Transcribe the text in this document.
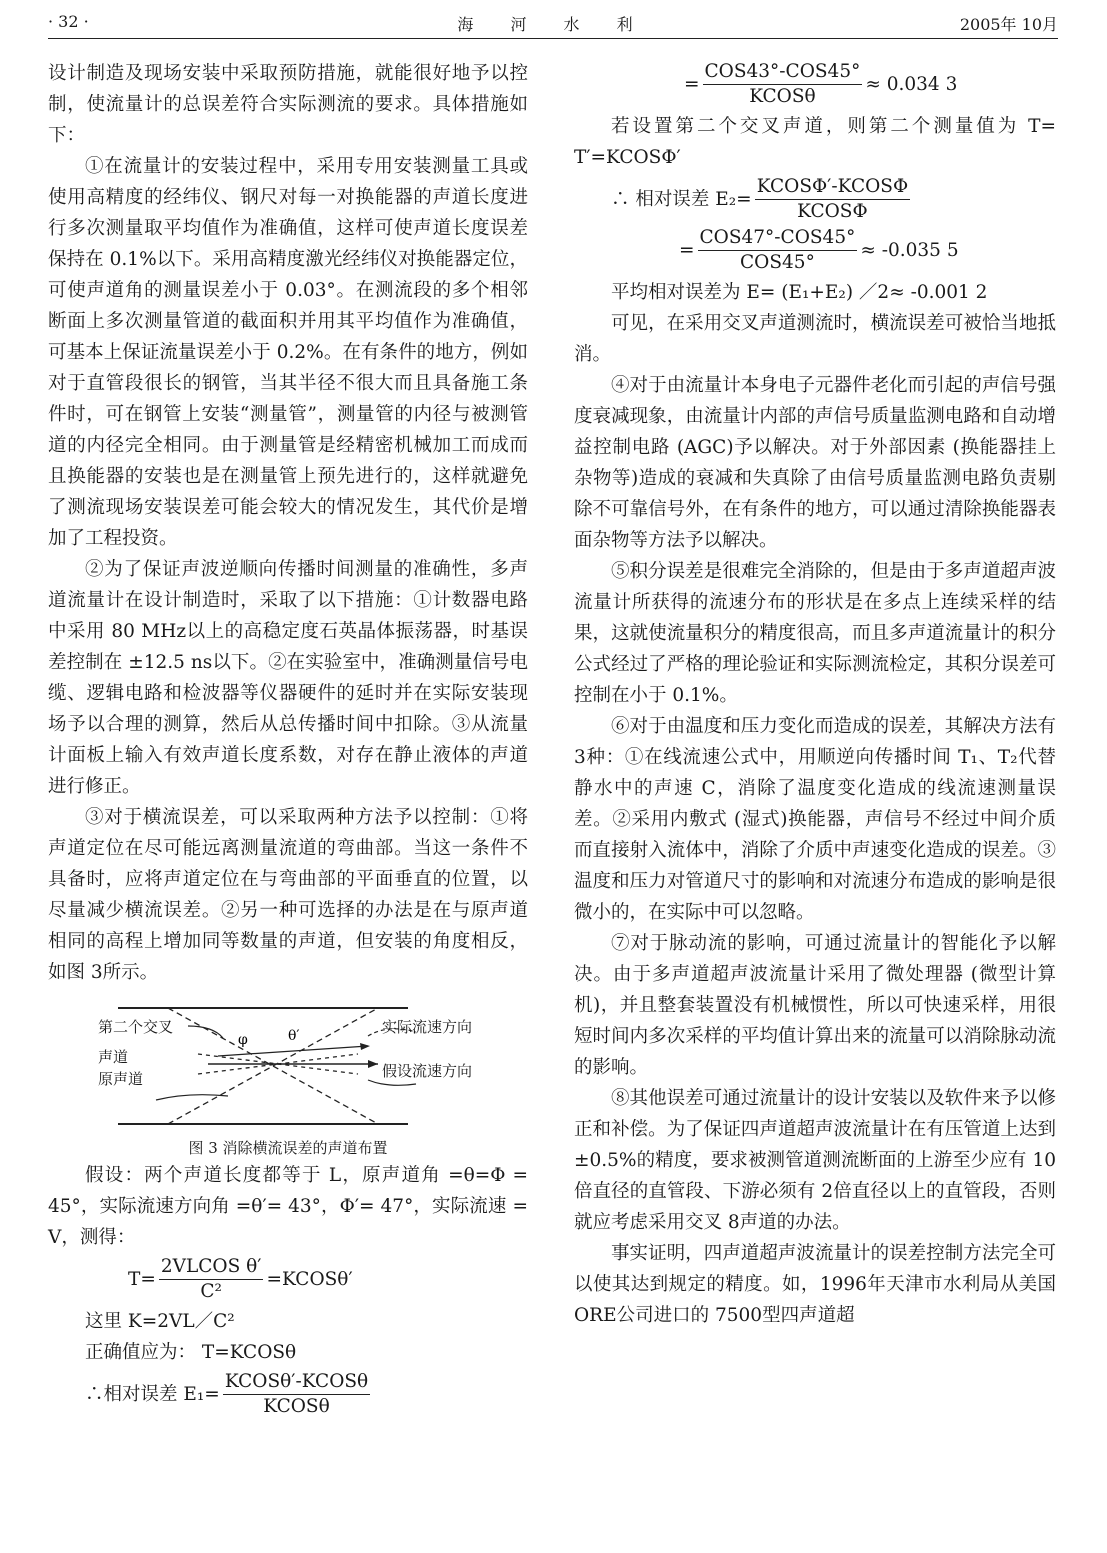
· 32 ·	海 河 水 利	2005年 10月

设计制造及现场安装中采取预防措施，就能很好地予以控制，使流量计的总误差符合实际测流的要求。具体措施如下：

①在流量计的安装过程中，采用专用安装测量工具或使用高精度的经纬仪、钢尺对每一对换能器的声道长度进行多次测量取平均值作为准确值，这样可使声道长度误差保持在 0.1%以下。采用高精度激光经纬仪对换能器定位，可使声道角的测量误差小于 0.03°。在测流段的多个相邻断面上多次测量管道的截面积并用其平均值作为准确值，可基本上保证流量误差小于 0.2%。在有条件的地方，例如对于直管段很长的钢管，当其半径不很大而且具备施工条件时，可在钢管上安装“测量管”，测量管的内径与被测管道的内径完全相同。由于测量管是经精密机械加工而成而且换能器的安装也是在测量管上预先进行的，这样就避免了测流现场安装误差可能会较大的情况发生，其代价是增加了工程投资。

②为了保证声波逆顺向传播时间测量的准确性，多声道流量计在设计制造时，采取了以下措施：①计数器电路中采用 80 MHz以上的高稳定度石英晶体振荡器，时基误差控制在 ±12.5 ns以下。②在实验室中，准确测量信号电缆、逻辑电路和检波器等仪器硬件的延时并在实际安装现场予以合理的测算，然后从总传播时间中扣除。③从流量计面板上输入有效声道长度系数，对存在静止液体的声道进行修正。

③对于横流误差，可以采取两种方法予以控制：①将声道定位在尽可能远离测量流道的弯曲部。当这一条件不具备时，应将声道定位在与弯曲部的平面垂直的位置，以尽量减少横流误差。②另一种可选择的办法是在与原声道相同的高程上增加同等数量的声道，但安装的角度相反，如图 3所示。

φ	θ′
第二个交叉
声道
原声道
实际流速方向
假设流速方向

图 3 消除横流误差的声道布置

假设：两个声道长度都等于 L，原声道角 =θ=Φ = 45°，实际流速方向角 =θ′= 43°，Φ′= 47°，实际流速 = V，测得：

$T= \frac{\text{2VLCOS θ′}}{\text{C²}}$ =KCOSθ′

这里 K=2VL／C²

正确值应为： T=KCOSθ

∴相对误差 $E_1= \frac{\text{KCOSθ′-KCOSθ}}{\text{KCOSθ}}$
= $\frac{\text{COS43°-COS45°}}{\text{KCOSθ}} \approx 0.034$ 3

若设置第二个交叉声道，则第二个测量值为 T= T′=KCOSΦ′

∴ 相对误差 $E_2= \frac{\text{KCOSΦ′-KCOSΦ}}{\text{KCOSΦ}}$
= $\frac{\text{COS47°-COS45°}}{\text{COS45°}} \approx -0.035$ 5

平均相对误差为 E= (E₁+E₂) ／2≈ -0.001 2

可见，在采用交叉声道测流时，横流误差可被恰当地抵消。

④对于由流量计本身电子元器件老化而引起的声信号强度衰减现象，由流量计内部的声信号质量监测电路和自动增益控制电路 (AGC)予以解决。对于外部因素 (换能器挂上杂物等)造成的衰减和失真除了由信号质量监测电路负责剔除不可靠信号外，在有条件的地方，可以通过清除换能器表面杂物等方法予以解决。

⑤积分误差是很难完全消除的，但是由于多声道超声波流量计所获得的流速分布的形状是在多点上连续采样的结果，这就使流量积分的精度很高，而且多声道流量计的积分公式经过了严格的理论验证和实际测流检定，其积分误差可控制在小于 0.1%。

⑥对于由温度和压力变化而造成的误差，其解决方法有 3种：①在线流速公式中，用顺逆向传播时间 T₁、T₂代替静水中的声速 C，消除了温度变化造成的线流速测量误差。②采用内敷式 (湿式)换能器，声信号不经过中间介质而直接射入流体中，消除了介质中声速变化造成的误差。③温度和压力对管道尺寸的影响和对流速分布造成的影响是很微小的，在实际中可以忽略。

⑦对于脉动流的影响，可通过流量计的智能化予以解决。由于多声道超声波流量计采用了微处理器 (微型计算机)，并且整套装置没有机械惯性，所以可快速采样，用很短时间内多次采样的平均值计算出来的流量可以消除脉动流的影响。

⑧其他误差可通过流量计的设计安装以及软件来予以修正和补偿。为了保证四声道超声波流量计在有压管道上达到 ±0.5%的精度，要求被测管道测流断面的上游至少应有 10倍直径的直管段、下游必须有 2倍直径以上的直管段，否则就应考虑采用交叉 8声道的办法。

事实证明，四声道超声波流量计的误差控制方法完全可以使其达到规定的精度。如，1996年天津市水利局从美国 ORE公司进口的 7500型四声道超
